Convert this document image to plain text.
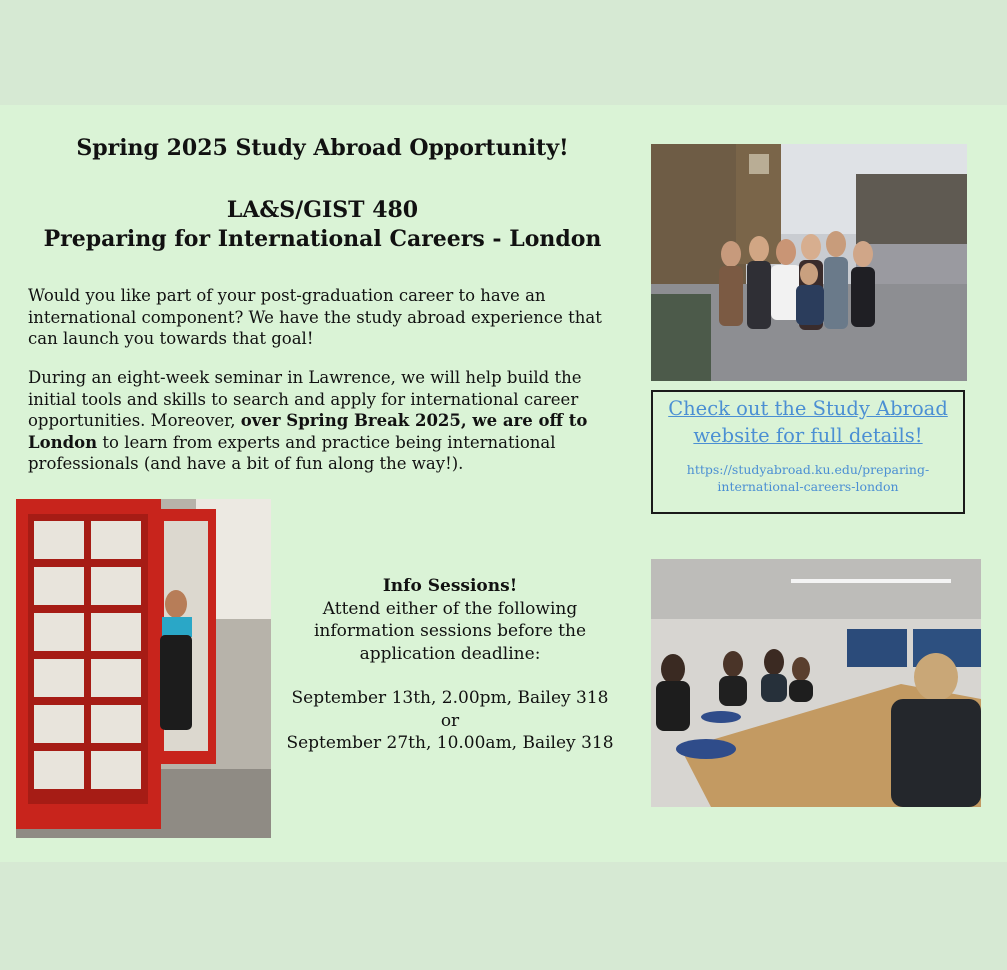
Spring 2025 Study Abroad Opportunity!
LA&S/GIST 480
Preparing for International Careers - London
Would you like part of your post-graduation career to have an international component? We have the study abroad experience that can launch you towards that goal!
During an eight-week seminar in Lawrence, we will help build the initial tools and skills to search and apply for international career opportunities. Moreover, over Spring Break 2025, we are off to London to learn from experts and practice being international professionals (and have a bit of fun along the way!).
Check out the Study Abroad website for full details!
https://studyabroad.ku.edu/preparing-international-careers-london
Info Sessions!
Attend either of the following information sessions before the application deadline:
September 13th, 2.00pm, Bailey 318
or
September 27th, 10.00am, Bailey 318
